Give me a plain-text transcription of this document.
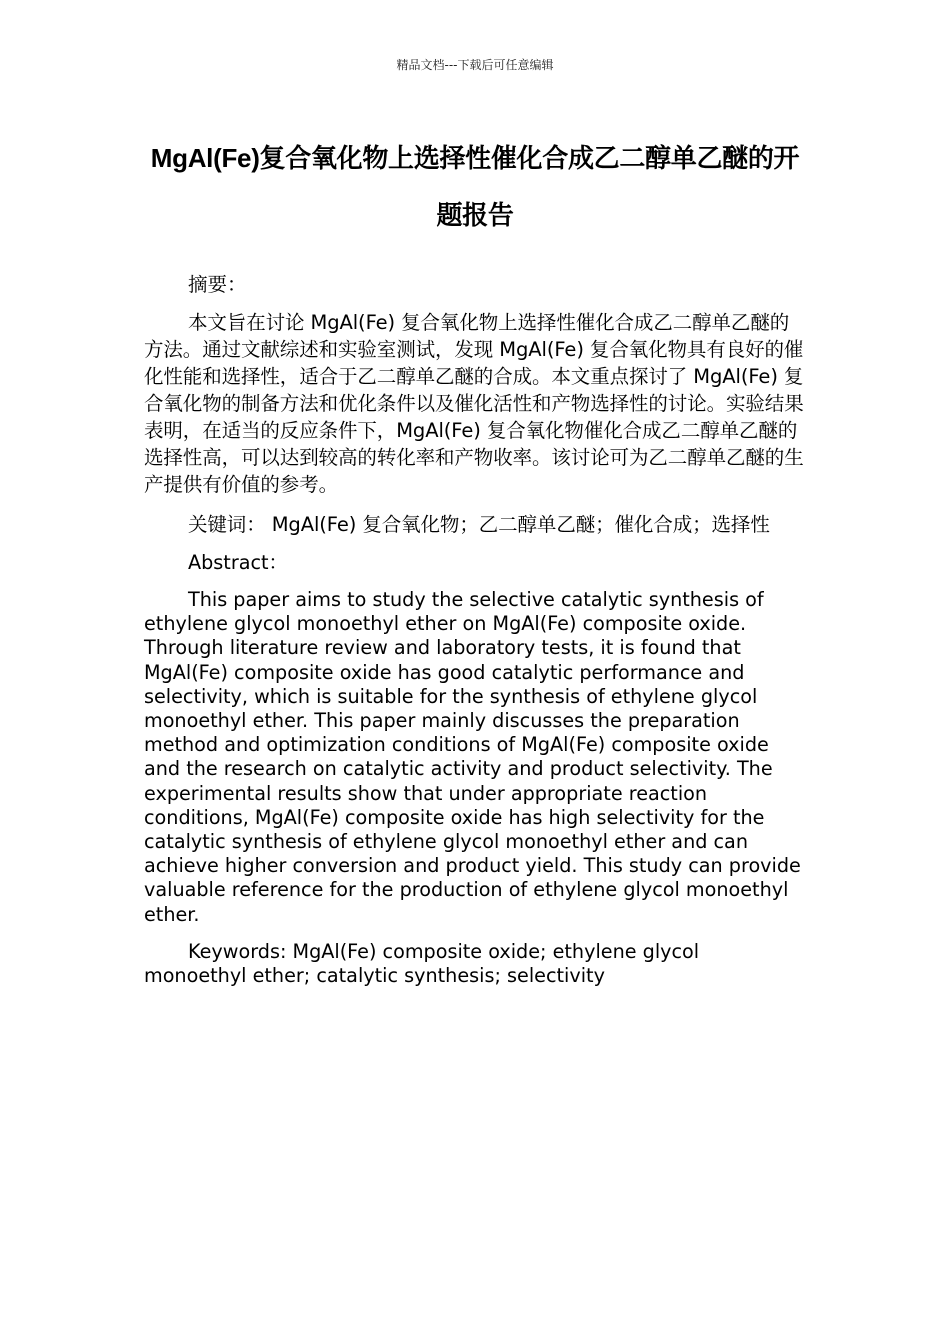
精品文档---下载后可任意编辑
MgAl(Fe)复合氧化物上选择性催化合成乙二醇单乙醚的开题报告

摘要：

本文旨在讨论 MgAl(Fe) 复合氧化物上选择性催化合成乙二醇单乙醚的方法。通过文献综述和实验室测试，发现 MgAl(Fe) 复合氧化物具有良好的催化性能和选择性，适合于乙二醇单乙醚的合成。本文重点探讨了 MgAl(Fe) 复合氧化物的制备方法和优化条件以及催化活性和产物选择性的讨论。实验结果表明，在适当的反应条件下，MgAl(Fe) 复合氧化物催化合成乙二醇单乙醚的选择性高，可以达到较高的转化率和产物收率。该讨论可为乙二醇单乙醚的生产提供有价值的参考。

关键词： MgAl(Fe) 复合氧化物；乙二醇单乙醚；催化合成；选择性

Abstract：

This paper aims to study the selective catalytic synthesis of ethylene glycol monoethyl ether on MgAl(Fe) composite oxide. Through literature review and laboratory tests, it is found that MgAl(Fe) composite oxide has good catalytic performance and selectivity, which is suitable for the synthesis of ethylene glycol monoethyl ether. This paper mainly discusses the preparation method and optimization conditions of MgAl(Fe) composite oxide and the research on catalytic activity and product selectivity. The experimental results show that under appropriate reaction conditions, MgAl(Fe) composite oxide has high selectivity for the catalytic synthesis of ethylene glycol monoethyl ether and can achieve higher conversion and product yield. This study can provide valuable reference for the production of ethylene glycol monoethyl ether.

Keywords: MgAl(Fe) composite oxide; ethylene glycol monoethyl ether; catalytic synthesis; selectivity
